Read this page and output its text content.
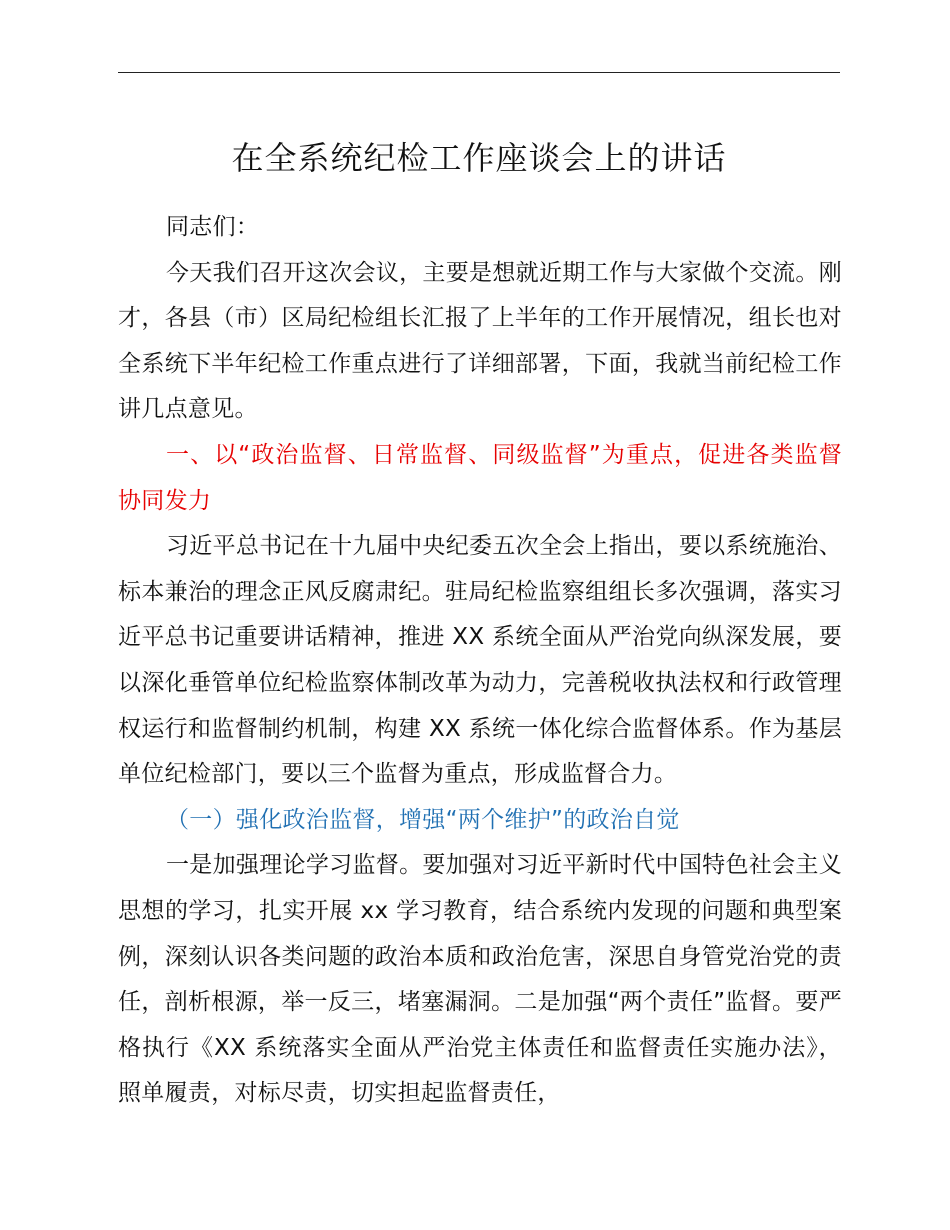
在全系统纪检工作座谈会上的讲话

同志们：

今天我们召开这次会议，主要是想就近期工作与大家做个交流。刚才，各县（市）区局纪检组长汇报了上半年的工作开展情况，组长也对全系统下半年纪检工作重点进行了详细部署，下面，我就当前纪检工作讲几点意见。

一、以“政治监督、日常监督、同级监督”为重点，促进各类监督协同发力

习近平总书记在十九届中央纪委五次全会上指出，要以系统施治、标本兼治的理念正风反腐肃纪。驻局纪检监察组组长多次强调，落实习近平总书记重要讲话精神，推进 XX 系统全面从严治党向纵深发展，要以深化垂管单位纪检监察体制改革为动力，完善税收执法权和行政管理权运行和监督制约机制，构建 XX 系统一体化综合监督体系。作为基层单位纪检部门，要以三个监督为重点，形成监督合力。

（一）强化政治监督，增强“两个维护”的政治自觉

一是加强理论学习监督。要加强对习近平新时代中国特色社会主义思想的学习，扎实开展 xx 学习教育，结合系统内发现的问题和典型案例，深刻认识各类问题的政治本质和政治危害，深思自身管党治党的责任，剖析根源，举一反三，堵塞漏洞。二是加强“两个责任”监督。要严格执行《XX 系统落实全面从严治党主体责任和监督责任实施办法》，照单履责，对标尽责，切实担起监督责任，
